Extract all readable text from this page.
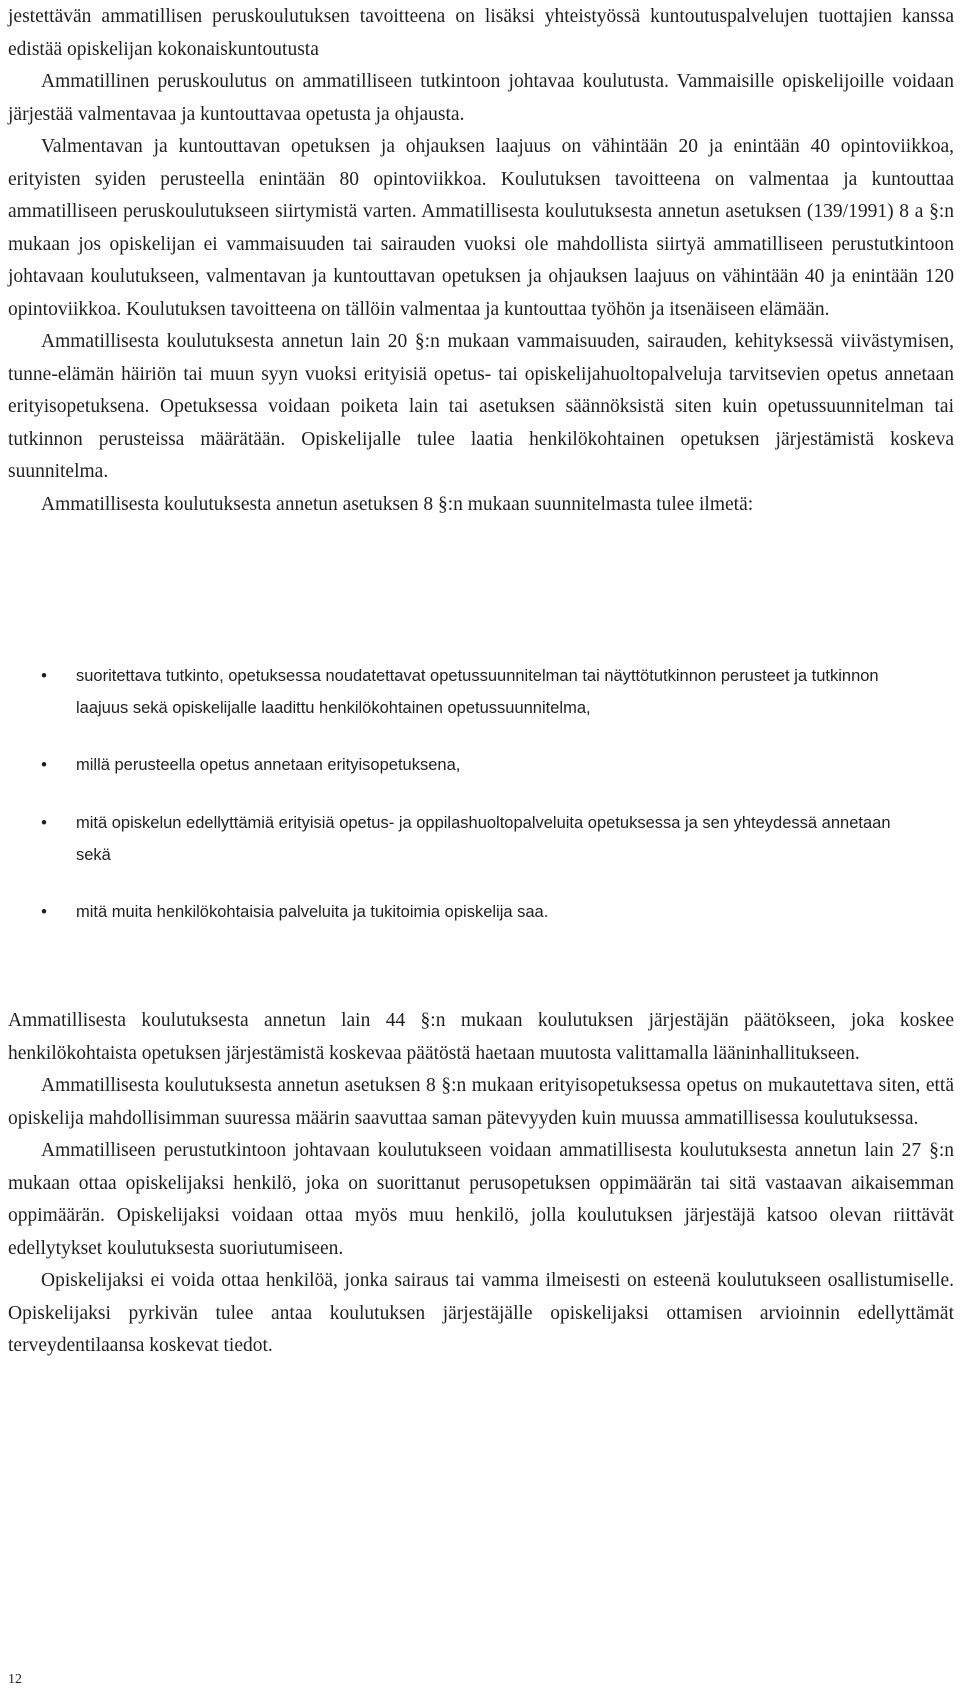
jestettävän ammatillisen peruskoulutuksen tavoitteena on lisäksi yhteistyössä kuntoutuspalvelujen tuottajien kanssa edistää opiskelijan kokonaiskuntoutusta

Ammatillinen peruskoulutus on ammatilliseen tutkintoon johtavaa koulutusta. Vammaisille opiskelijoille voidaan järjestää valmentavaa ja kuntouttavaa opetusta ja ohjausta.

Valmentavan ja kuntouttavan opetuksen ja ohjauksen laajuus on vähintään 20 ja enintään 40 opintoviikkoa, erityisten syiden perusteella enintään 80 opintoviikkoa. Koulutuksen tavoitteena on valmentaa ja kuntouttaa ammatilliseen peruskoulutukseen siirtymistä varten. Ammatillisesta koulutuksesta annetun asetuksen (139/1991) 8 a §:n mukaan jos opiskelijan ei vammaisuuden tai sairauden vuoksi ole mahdollista siirtyä ammatilliseen perustutkintoon johtavaan koulutukseen, valmentavan ja kuntouttavan opetuksen ja ohjauksen laajuus on vähintään 40 ja enintään 120 opintoviikkoa. Koulutuksen tavoitteena on tällöin valmentaa ja kuntouttaa työhön ja itsenäiseen elämään.

Ammatillisesta koulutuksesta annetun lain 20 §:n mukaan vammaisuuden, sairauden, kehityksessä viivästymisen, tunne-elämän häiriön tai muun syyn vuoksi erityisiä opetus- tai opiskelijahuoltopalveluja tarvitsevien opetus annetaan erityisopetuksena. Opetuksessa voidaan poiketa lain tai asetuksen säännöksistä siten kuin opetussuunnitelman tai tutkinnon perusteissa määrätään. Opiskelijalle tulee laatia henkilökohtainen opetuksen järjestämistä koskeva suunnitelma.

Ammatillisesta koulutuksesta annetun asetuksen 8 §:n mukaan suunnitelmasta tulee ilmetä:

• suoritettava tutkinto, opetuksessa noudatettavat opetussuunnitelman tai näyttötutkinnon perusteet ja tutkinnon laajuus sekä opiskelijalle laadittu henkilökohtainen opetussuunnitelma,
• millä perusteella opetus annetaan erityisopetuksena,
• mitä opiskelun edellyttämiä erityisiä opetus- ja oppilashuoltopalveluita opetuksessa ja sen yhteydessä annetaan sekä
• mitä muita henkilökohtaisia palveluita ja tukitoimia opiskelija saa.

Ammatillisesta koulutuksesta annetun lain 44 §:n mukaan koulutuksen järjestäjän päätökseen, joka koskee henkilökohtaista opetuksen järjestämistä koskevaa päätöstä haetaan muutosta valittamalla lääninhallitukseen.

Ammatillisesta koulutuksesta annetun asetuksen 8 §:n mukaan erityisopetuksessa opetus on mukautettava siten, että opiskelija mahdollisimman suuressa määrin saavuttaa saman pätevyyden kuin muussa ammatillisessa koulutuksessa.

Ammatilliseen perustutkintoon johtavaan koulutukseen voidaan ammatillisesta koulutuksesta annetun lain 27 §:n mukaan ottaa opiskelijaksi henkilö, joka on suorittanut perusopetuksen oppimäärän tai sitä vastaavan aikaisemman oppimäärän. Opiskelijaksi voidaan ottaa myös muu henkilö, jolla koulutuksen järjestäjä katsoo olevan riittävät edellytykset koulutuksesta suoriutumiseen.

Opiskelijaksi ei voida ottaa henkilöä, jonka sairaus tai vamma ilmeisesti on esteenä koulutukseen osallistumiselle. Opiskelijaksi pyrkivän tulee antaa koulutuksen järjestäjälle opiskelijaksi ottamisen arvioinnin edellyttämät terveydentilaansa koskevat tiedot.

12
